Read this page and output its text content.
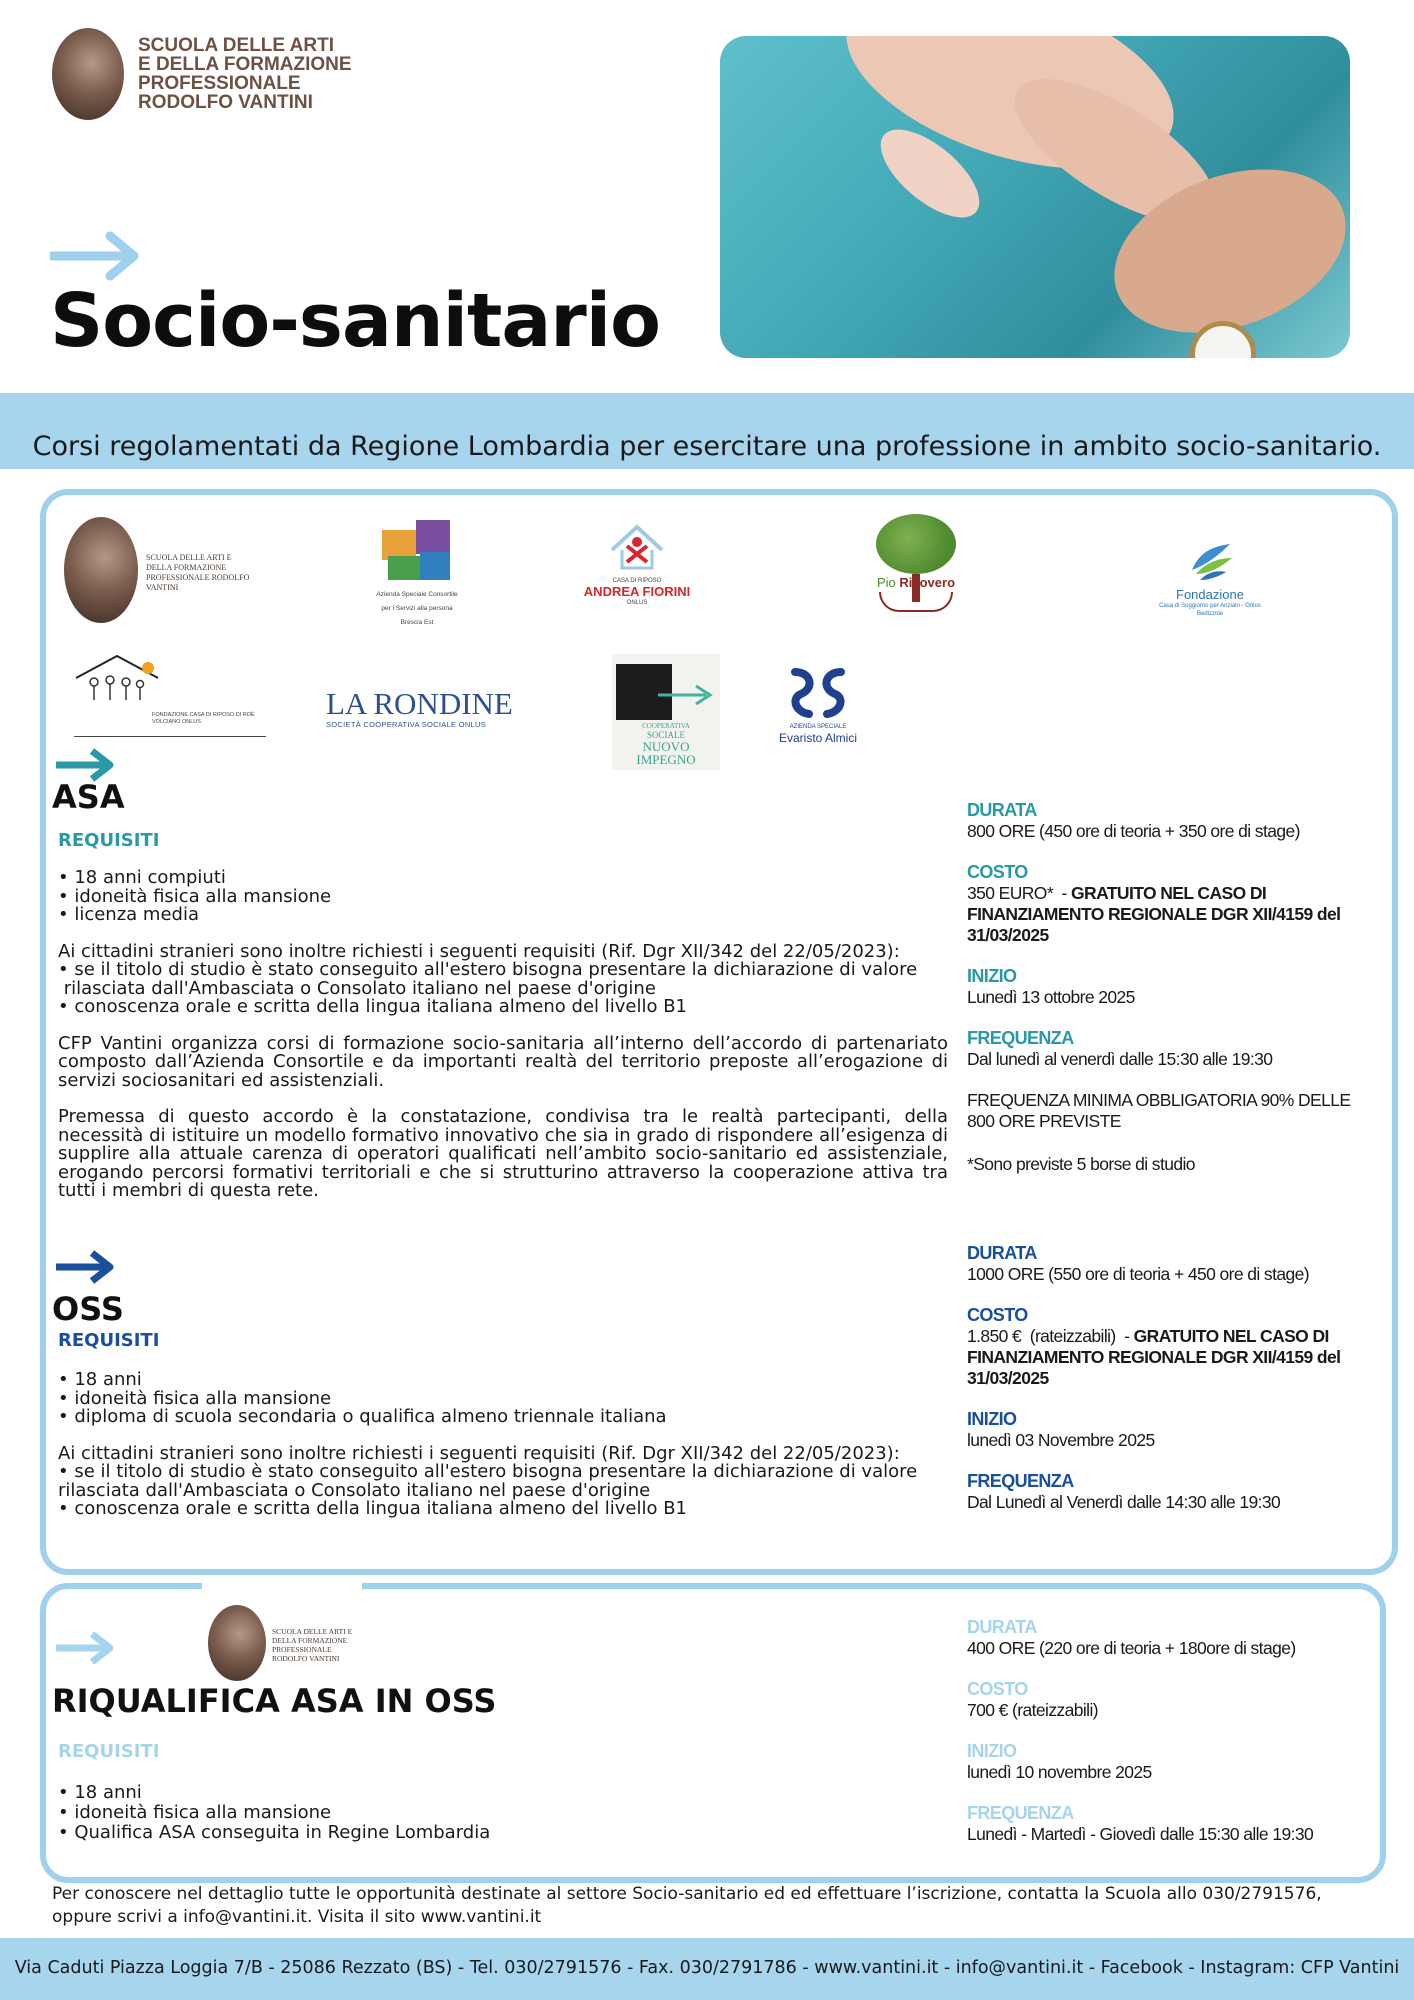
SCUOLA DELLE ARTI
E DELLA FORMAZIONE
PROFESSIONALE
RODOLFO VANTINI
Socio-sanitario
Corsi regolamentati da Regione Lombardia per esercitare una professione in ambito socio-sanitario.
SCUOLA DELLE ARTI E DELLA FORMAZIONE PROFESSIONALE RODOLFO VANTINI
Azienda Speciale Consortile
per i Servizi alla persona
Brescia Est
CASA DI RIPOSO
ANDREA FIORINI
ONLUS
Pio Ricovero
Fondazione
Casa di Soggiorno per Anziani - Onlus
Bedizzole
FONDAZIONE CASA DI RIPOSO DI ROÈ VOLCIANO ONLUS
LA RONDINE
SOCIETÀ COOPERATIVA SOCIALE ONLUS	COOPERATIVA
SOCIALE
NUOVO
IMPEGNO
AZIENDA SPECIALE
Evaristo Almici
ASA
REQUISITI

• 18 anni compiuti

• idoneità fisica alla mansione

• licenza media

Ai cittadini stranieri sono inoltre richiesti i seguenti requisiti (Rif. Dgr XII/342 del 22/05/2023):

• se il titolo di studio è stato conseguito all'estero bisogna presentare la dichiarazione di valore

rilasciata dall'Ambasciata o Consolato italiano nel paese d'origine

• conoscenza orale e scritta della lingua italiana almeno del livello B1

CFP Vantini organizza corsi di formazione socio-sanitaria all’interno dell’accordo di partenariato composto dall’Azienda Consortile e da importanti realtà del territorio preposte all’erogazione di servizi sociosanitari ed assistenziali.

Premessa di questo accordo è la constatazione, condivisa tra le realtà partecipanti, della necessità di istituire un modello formativo innovativo che sia in grado di rispondere all’esigenza di supplire alla attuale carenza di operatori qualificati nell’ambito socio-sanitario ed assistenziale, erogando percorsi formativi territoriali e che si strutturino attraverso la cooperazione attiva tra tutti i membri di questa rete.

DURATA
800 ORE (450 ore di teoria + 350 ore di stage)
COSTO
350 EURO*  - GRATUITO NEL CASO DI FINANZIAMENTO REGIONALE DGR XII/4159 del 31/03/2025
INIZIO
Lunedì 13 ottobre 2025
FREQUENZA
Dal lunedì al venerdì dalle 15:30 alle 19:30
FREQUENZA MINIMA OBBLIGATORIA 90% DELLE 800 ORE PREVISTE
*Sono previste 5 borse di studio
OSS
REQUISITI

• 18 anni

• idoneità fisica alla mansione

• diploma di scuola secondaria o qualifica almeno triennale italiana

Ai cittadini stranieri sono inoltre richiesti i seguenti requisiti (Rif. Dgr XII/342 del 22/05/2023):

• se il titolo di studio è stato conseguito all'estero bisogna presentare la dichiarazione di valore

rilasciata dall'Ambasciata o Consolato italiano nel paese d'origine

• conoscenza orale e scritta della lingua italiana almeno del livello B1

DURATA
1000 ORE (550 ore di teoria + 450 ore di stage)
COSTO
1.850 €  (rateizzabili)  - GRATUITO NEL CASO DI FINANZIAMENTO REGIONALE DGR XII/4159 del 31/03/2025
INIZIO
lunedì 03 Novembre 2025
FREQUENZA
Dal Lunedì al Venerdì dalle 14:30 alle 19:30
SCUOLA DELLE ARTI E DELLA FORMAZIONE PROFESSIONALE RODOLFO VANTINI
RIQUALIFICA ASA IN OSS
REQUISITI

• 18 anni

• idoneità fisica alla mansione

• Qualifica ASA conseguita in Regine Lombardia

DURATA
400 ORE (220 ore di teoria + 180ore di stage)
COSTO
700 € (rateizzabili)
INIZIO
lunedì 10 novembre 2025
FREQUENZA
Lunedì - Martedì - Giovedì dalle 15:30 alle 19:30
Per conoscere nel dettaglio tutte le opportunità destinate al settore Socio-sanitario ed ed effettuare l’iscrizione, contatta la Scuola allo 030/2791576, oppure scrivi a info@vantini.it. Visita il sito www.vantini.it
Via Caduti Piazza Loggia 7/B - 25086 Rezzato (BS) - Tel. 030/2791576 - Fax. 030/2791786 - www.vantini.it - info@vantini.it - Facebook - Instagram: CFP Vantini
